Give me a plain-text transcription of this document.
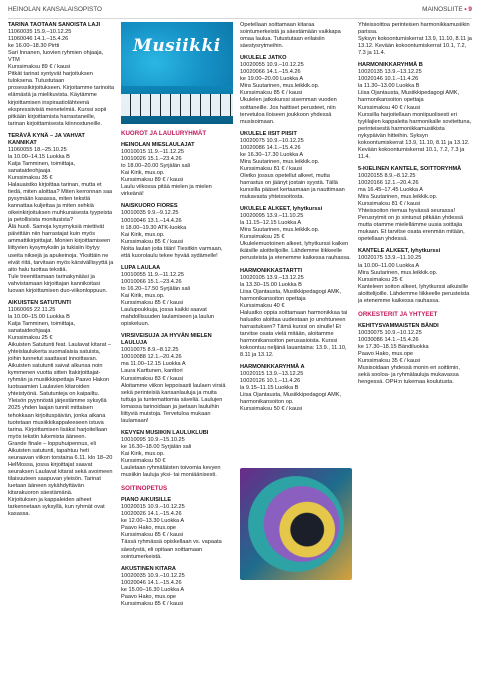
HEINOLAN KANSALAISOPISTO	MAINOSLIITE • 9
TARINA TAOTAAN SANOISTA LAJI
11060035 15.9.–10.12.25
11060046 14.1.–15.4.26
ke 16.00–18.30 Pirtti
Sari Innanen, luovien ryhmien ohjaaja, VTM
Kurssimaksu 89 € / kausi
Pitkät tarinat syntyvät harjoituksen tuloksena. Tutustutaan prosessikirjoitukseen. Kirjoitamme tarinoita elämästä ja mielikuvista. Käytämme kirjoittamisen inspiraatiolähteenä ekspressiivisiä menetelmiä. Kurssi sopii pitkään kirjoittamista harrastaneille, tarinan kirjoittamisesta kiinnostuneille.
TERÄVÄ KYNÄ – JA VAHVAT KANNIKAT
11060055 18.–25.10.25
la 10.00–14.15 Luokka B
Katja Tamminen, toimittaja, sanataideohjaaja
Kurssimaksu 35 €
Halauaistko kirjoittaa tarinan, mutta et tiedä, miten aloittaa? Miten kerronnan saa pysymään kasassa, miten tekstiä kannattaa kuljettaa ja miten sehkiä oikeinkirjoituksen muhkuraisesta tyypeista ja petollisista monitusista?
Älä huoli. Samoja kysymyksiä miettivät päivittäin niin harrastajat kuin myös ammattikirjoittajat. Monien kirjoittamiseen liittyvien kysymyksiin ja tukisiin löytyy useita niksejä ja apukeinoja. Yksittäin ne eivät riitä, tarvitaan myös kärsivällisyyttä ja aito halu tuottaa tekstiä.
Tule treenittamaan tarinakynääsi ja vahvistamaan kirjoittajan kannikoitasi luovan kirjoittamisen duo-viikonloppuun.
AIKUISTEN SATUTUNTI
11060065 22.11.25
la 10.00–15.00 Luokka B
Katja Tamminen, toimittaja, sanataideohjaaja
Kurssimaksu 25 €
Aikuisten Satutunti feat. Laulavat kitarat – yhteislaulukerta suomalaisia satuista, joihin tunnetut saattavat innoittavan. Aikuisten satutunti saivat alkunsa noin kymmenen vuotta sitten Itakirjoittajat-ryhmän ja musiikkiopettaja Paavo Hakon luotsaamien Laulavien kitaroiden yhteistyönä. Satutunteja on kaipailtu. Yleisön pyynnöstä järjestämme syksyllä 2025 yhden laajan tunnit mittaisen tehokkaan kirjoituspäivän, jonka aikana tuotetaan musiikkikappaleeseen istuva tarina. Kirjoittamisen lisäksi harjoitellaan myös tekstin lukemista ääneen.
Grande finale – loppuhuipennus, eli Aikuisten satutunti, tapahtuu heti seuraavan viikon torstaina 6.11. klo 18–20 HelMossa, jossa kirjoittajat saavat seuraksen Laulavat kitarat sekä avoimeen tilaisuuteen saapuvan yleisön. Tarinat luetaan ääneen sykähdyttävän kitarakuoron säestämänä.
Kirjoituksen ja kappaleiden aiheet tarkennetaan syksyllä, kun ryhmät ovat kasassa.
Musiikki
KUOROT JA LAULURYHMÄT
HEINOLAN MIESLAULAJAT
10010015 11.9.–11.12.25
10010026 15.1.–23.4.26
to 18.00–20.00 Syrjälän sali
Kai Kirik, mus.op.
Kurssimaksu 89 € / kausi
Laulu viikossa pitää mielen ja mielen virkeänä!
NAISKUORO FIORES
10010035 9.9.–9.12.25
10010046 13.1.–14.4.26
ti 18.00–19.30 ATK-luokka
Kai Kirik, mus.op.
Kurssimaksu 85 € / kausi
Noita laulan joita tiiän! Tiesitkin varmaan, että kuorolaulu tekee hyvää sydämelle!
LUPA LAULAA
10010055 11.9.–11.12.25
10010066 15.1.–23.4.26
to 16.20–17.50 Syrjälän sali
Kai Kirik, mus.op.
Kurssimaksu 85 € / kausi
Laulupoukkuja, jossa kaikki saavat mahdollisuuden laulamiseen ja laulun opiskeluun.
VIRSIVEISUJA JA HYVÄN MIELEN LAULUJA
10010075 8.9.–8.12.25
10010088 12.1.–20.4.26
ma 11.00–12.15 Luokka A
Laura Karttunen, kanttori
Kurssimaksu 83 € / kausi
Aloitamme viikon leppoisasti laulaen virsiä sekä perinteisiä kansanlauluja ja muita tuttuja ja tuntemattomia säveliä. Laulujen lomassa tarinoidaan ja jaetaan lauluihin liittyviä muistoja. Tervetuloa mukaan laulamaan!
KEVYEN MUSIIKIN LAULUKLUBI
10010095 10.9.–15.10.25
ke 16.30–18.00 Syrjälän sali
Kai Kirik, mus.op.
Kurssimaksu 50 €
Lauletaan ryhmäläisten toivomia kevyen musiikin lauluja yksi- tai moniäänisesti.
SOITINOPETUS
PIANO AIKUISILLE
10020015 10.9.–10.12.25
10020026 14.1.–15.4.26
ke 12.00–13.30 Luokka A
Paavo Hako, mus.ope
Kurssimaksu 85 € / kausi
Tässä ryhmässä opiskellaan vs. vapaata säestystä, eli opitaan soittamaan sointumerkeistä.
AKUSTINEN KITARA
10020035 10.9.–10.12.25
10020046 14.1.–15.4.26
ke 15.00–16.30 Luokka A
Paavo Hako, mus.ope
Kurssimaksu 85 € / kausi
Opetellaan soittamaan kitaraa sointumerkeistä ja säestämään vaikkapa omaa laulua. Tutustutaan erilaisiin säestysrytmeihin.
UKULELE JATKO
10020055 10.9.–10.12.25
10020066 14.1.–15.4.26
ke 19.00–20.00 Luokka A
Mira Suutarinen, mus.leikkik.op.
Kurssimaksu 85 € / kausi
Ukulelen jatkokurssi sisemman vuoden soittaneille. Jos haittiset perusteet, niin tervetuloa iloiseen joukkoon yhdessä musisoimaan.
UKULELE IISIT PIISIT
10020075 10.9.–10.12.25
10020086 14.1.–15.4.26
ke 16.30–17.30 Luokka A
Mira Suutarinen, mus.leikkik.op.
Kurssimaksu 81 € / kausi
Oletko jossus opetellut alkeet, mutta harrastus on jäänyt jostain syystä. Tällä kurssilla pääset kertaamaan ja nauttimaan mukavasta yhteissoitosta.
UKULELE ALKEET, lyhytkurssi
10020095 13.9.–11.10.25
la 11.15–12.15 Luokka A
Mira Suutarinen, mus.leikkik.op.
Kurssimaksu 25 €
Ukulelemuotoinen alkeet, lyhytkurssi kaiken ikäisille aloittelijoille. Lähdemme liikkeelle perusteista ja etenemme kaikessa rauhassa.
HARMONIKKASTARTTI
10020105 13.9.–13.12.25
la 13.30–15.00 Luokka B
Liisa Ojantausta, Musiikkipedagogi AMK, harmonikansoiton opettaja
Kurssimaksu 40 €
Haluatko oppia soittamaan harmonikkaa tai haluatko aloittaa uudestaan jo unohtuneen harrastuksen? Tämä kurssi on sinulle! Et tarvitse osata vielä mitään, aloitamme harmonikansoiton perusasioista. Kurssi kokoontuu neljänä lauantaina: 13.9., 11.10, 8.11 ja 13.12.
HARMONIKKARYHMÄ A
10020115 13.9.–13.12.25
10020126 10.1.–11.4.26
la 9.15–11.15 Luokka B
Liisa Ojantausta, Musiikkipedagogi AMK, harmonikansoiton op.
Kurssimaksu 50 € / kausi
Yhteissoittoa perinteisen harmonikkamusiikin parissa.
Syksyn kokoontumiskerrat 13.9, 11.10, 8.11 ja 13.12. Kevään kokoontumiskerrat 10.1, 7.2, 7.3 ja 11.4.
HARMONIKKARYHMÄ B
10020135 13.9.–13.12.25
10020146 10.1.–11.4.26
la 11.30–13.00 Luokka B
Liisa Ojantausta, Musiikkipedagogi AMK, harmonikansoiton opettaja
Kurssimaksu 40 € / kausi
Kurssilla harjoitellaan moniipuolisesti eri tyylilajien kappaleita harmonikalle sovitettuna, perinteisestä harmonikkamusiikista nykypäivän hitteihin. Syksyn kokoontumiskerrat 13.9, 11.10, 8.11 ja 13.12. Kevään kokoontumiskerrat 10.1, 7.2, 7.3 ja 11.4.
5-KIELINEN KANTELE, SOITTORYHMÄ
10020155 8.9.–8.12.25
10020166 12.1.–20.4.26
ma 16.45–17.45 Luokka A
Mira Suutarinen, mus.leikkik.op.
Kurssimaksu 81 € / kausi
Yhteissoiton riemua hyvässä seurassa! Perusrytmit on jo sintunut pitkään yhdessä mutta otamme mielellämme uusia soittajia mukaan. Et tarvitse osata erenmän mitään, opetellaan yhdessä.
KANTELE ALKEET, lyhytkurssi
10020175 13.9.–11.10.25
la 10.00–11.00 Luokka A
Mira Suutarinen, mus.leikkik.op.
Kurssimaksu 25 €
Kanteleen soiton alkeet, lyhytkurssi aikuisille aloittelijoille. Lähdemme liikkeelle perusteista ja etenemme kaikessa rauhassa.
ORKESTERIT JA YHTYEET
KEHITYSVAMMAISTEN BÄNDI
10030075 10.9.–10.12.25
10030086 14.1.–15.4.26
ke 17.30–18.15 Bändiluokka
Paavo Hako, mus.ope
Kurssimaksu 35 € / kausi
Musisoidaan yhdessä monin eri soittimin, sekä sooloa- ja ryhmälauluja mukavassa hengessä. OPH:n tukemaa koulutusta.
